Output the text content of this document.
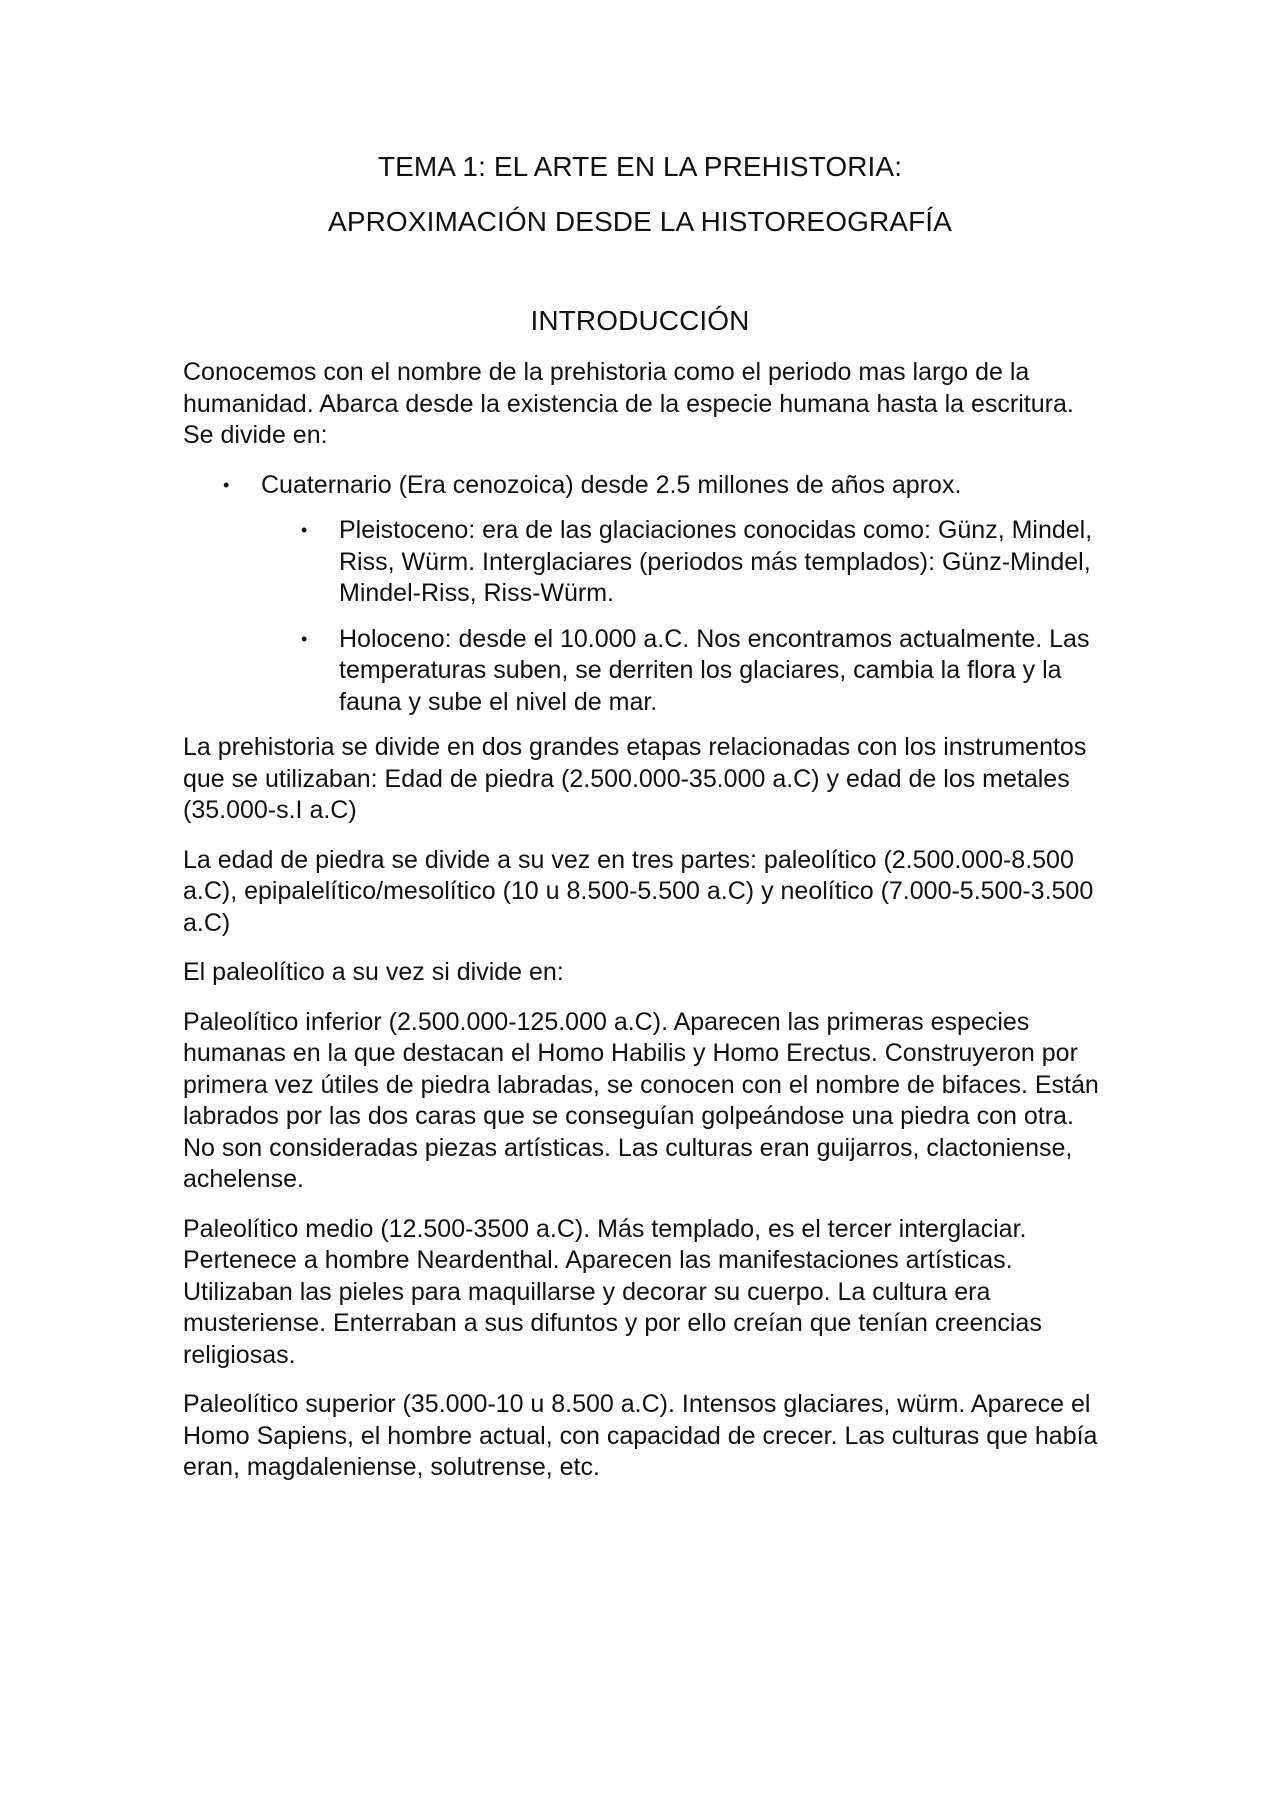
TEMA 1: EL ARTE EN LA PREHISTORIA:
APROXIMACIÓN DESDE LA HISTOREOGRAFÍA
INTRODUCCIÓN

Conocemos con el nombre de la prehistoria como el periodo mas largo de la humanidad. Abarca desde la existencia de la especie humana hasta la escritura. Se divide en:

• Cuaternario (Era cenozoica) desde 2.5 millones de años aprox.
• Pleistoceno: era de las glaciaciones conocidas como: Günz, Mindel, Riss, Würm. Interglaciares (periodos más templados): Günz-Mindel, Mindel-Riss, Riss-Würm.
• Holoceno: desde el 10.000 a.C. Nos encontramos actualmente. Las temperaturas suben, se derriten los glaciares, cambia la flora y la fauna y sube el nivel de mar.

La prehistoria se divide en dos grandes etapas relacionadas con los instrumentos que se utilizaban: Edad de piedra (2.500.000-35.000 a.C) y edad de los metales (35.000-s.I a.C)

La edad de piedra se divide a su vez en tres partes: paleolítico (2.500.000-8.500 a.C), epipalelítico/mesolítico (10 u 8.500-5.500 a.C) y neolítico (7.000-5.500-3.500 a.C)

El paleolítico a su vez si divide en:

Paleolítico inferior (2.500.000-125.000 a.C). Aparecen las primeras especies humanas en la que destacan el Homo Habilis y Homo Erectus. Construyeron por primera vez útiles de piedra labradas, se conocen con el nombre de bifaces. Están labrados por las dos caras que se conseguían golpeándose una piedra con otra. No son consideradas piezas artísticas. Las culturas eran guijarros, clactoniense, achelense.

Paleolítico medio (12.500-3500 a.C). Más templado, es el tercer interglaciar. Pertenece a hombre Neardenthal. Aparecen las manifestaciones artísticas. Utilizaban las pieles para maquillarse y decorar su cuerpo. La cultura era musteriense. Enterraban a sus difuntos y por ello creían que tenían creencias religiosas.

Paleolítico superior (35.000-10 u 8.500 a.C). Intensos glaciares, würm. Aparece el Homo Sapiens, el hombre actual, con capacidad de crecer. Las culturas que había eran, magdaleniense, solutrense, etc.
